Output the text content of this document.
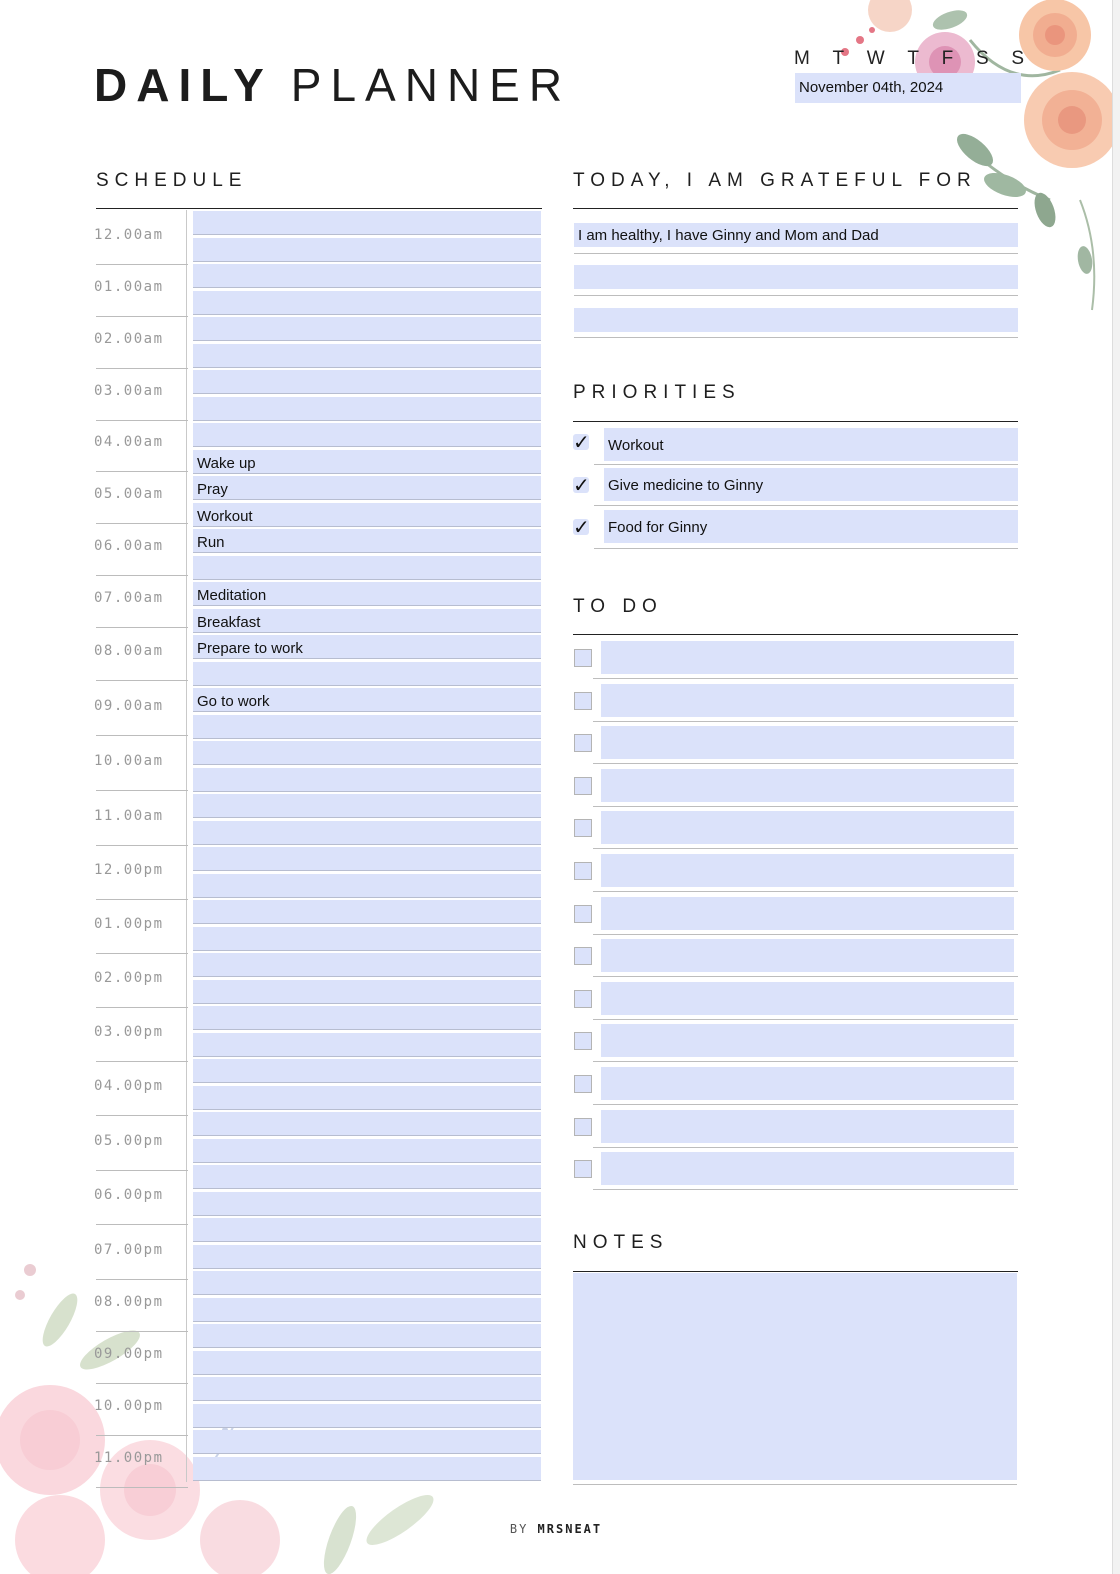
DAILY PLANNER
M T W T F S S
November 04th, 2024
SCHEDULE
12.00am
01.00am
02.00am
03.00am
04.00am
05.00am
06.00am
07.00am
08.00am
09.00am
10.00am
11.00am
12.00pm
01.00pm
02.00pm
03.00pm
04.00pm
05.00pm
06.00pm
07.00pm
08.00pm
09.00pm
10.00pm
11.00pm
Wake up
Pray
Workout
Run
Meditation
Breakfast
Prepare to work
Go to work
TODAY, I AM GRATEFUL FOR
I am healthy, I have Ginny and Mom and Dad
PRIORITIES
✓ Workout
✓ Give medicine to Ginny
✓ Food for Ginny
TO DO
NOTES
BY MRSNEAT
